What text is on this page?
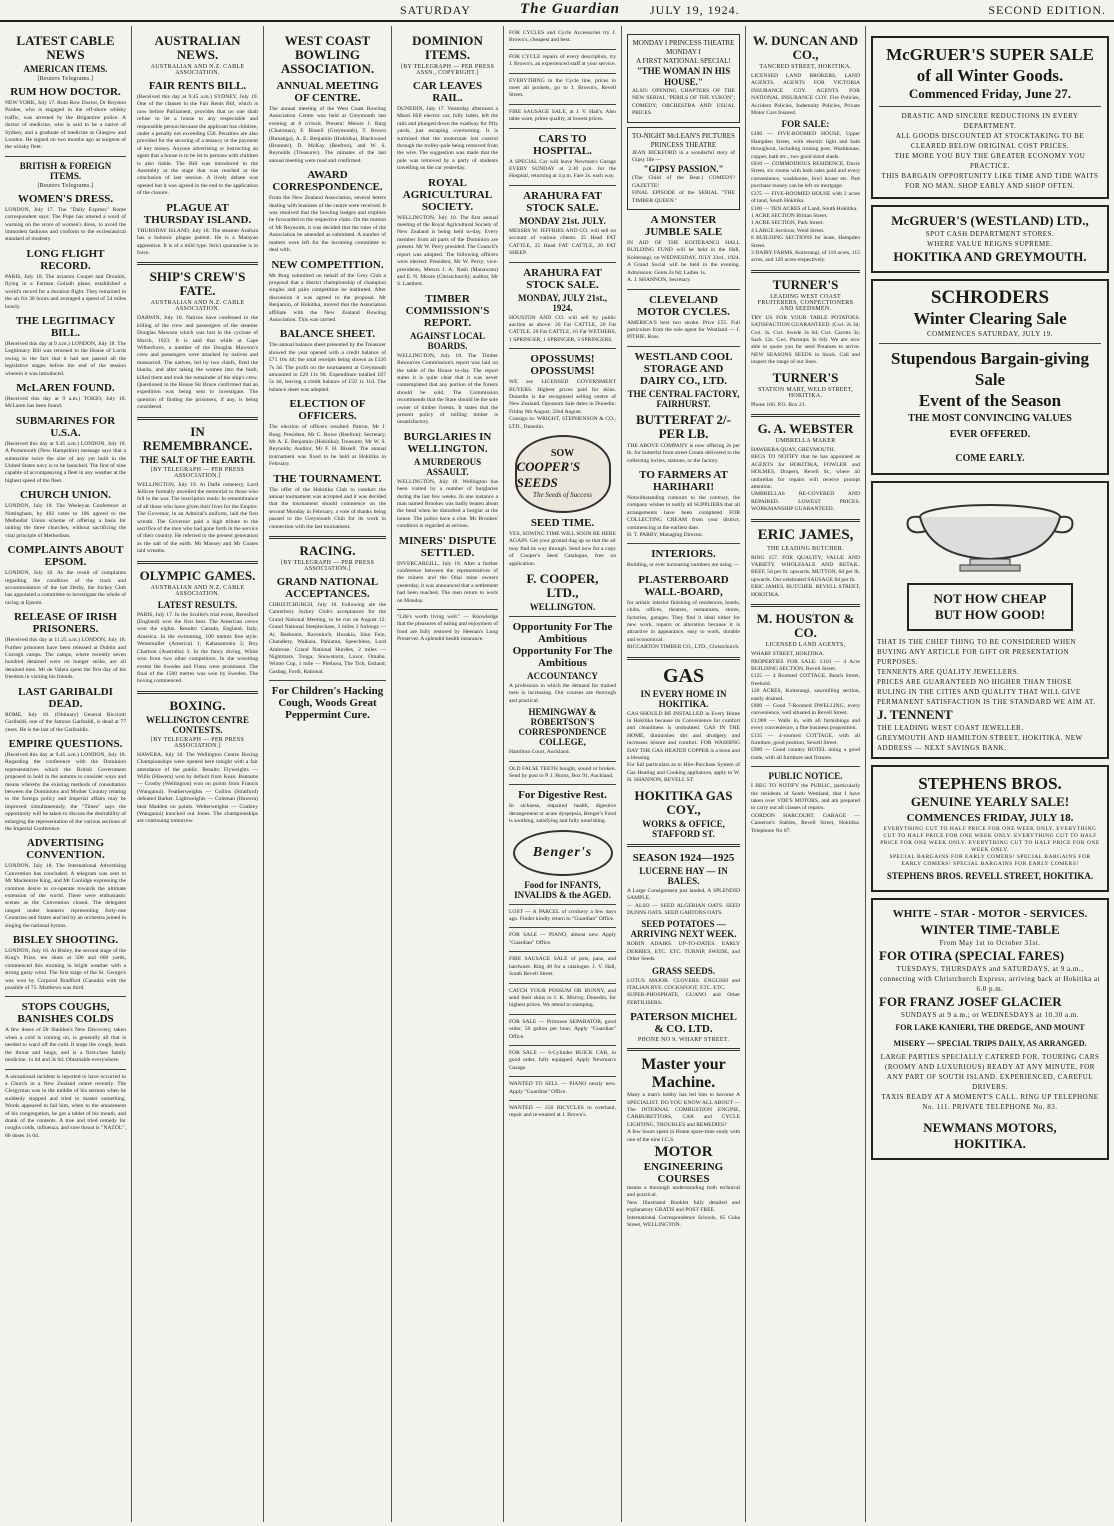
SATURDAY	The Guardian	JULY 19, 1924.	SECOND EDITION.
LATEST CABLE NEWS
AMERICAN ITEMS.
[Reuters Telegrams.]
RUM HOW DOCTOR.
NEW YORK, July 17. Rum Row Doctor, Dr Royston Pardee, who is engaged in the off-shore whisky traffic, was arrested by the Brigantine police. A doctor of medicine, who is said to be a native of Sydney, and a graduate of medicine at Glasgow and London. He signed on two months ago as surgeon of the whisky fleet.
BRITISH & FOREIGN ITEMS.
[Reuters Telegrams.]
WOMEN'S DRESS.
LONDON, July 17. The "Daily Express" Rome correspondent says: The Pope has uttered a word of warning on the score of women's dress, to avoid the immodest fashions and conform to the ecclesiastical standard of modesty.
LONG FLIGHT RECORD.
PARIS, July 18. The aviators Coupet and Drouhin, flying in a Farman Goliath plane, established a world's record for a duration flight. They remained in the air for 36 hours and averaged a speed of 54 miles hourly.
THE LEGITIMACY BILL.
(Received this day at 9 a.m.) LONDON, July 18. The Legitimacy Bill was returned to the House of Lords owing to the fact that it had not passed all the legislative stages before the end of the session wherein it was introduced.
McLAREN FOUND.
(Received this day at 9 a.m.) TOKIO, July 18. McLaren has been found.
SUBMARINES FOR U.S.A.
(Received this day at 9.45 a.m.) LONDON, July 18. A Portsmouth (New Hampshire) message says that a submarine twice the size of any yet built in the United States navy is to be launched. The first of nine capable of accompanying a fleet in any weather at the highest speed of the fleet.
CHURCH UNION.
LONDON, July 18. The Wesleyan Conference at Nottingham, by 402 votes to 186 agreed to the Methodist Union scheme of offering a basis for uniting the three churches, without sacrificing the vital principle of Methodism.
COMPLAINTS ABOUT EPSOM.
LONDON, July 18. As the result of complaints regarding the condition of the track and accommodation of the last Derby, the Jockey Club has appointed a committee to investigate the whole of racing at Epsom.
RELEASE OF IRISH PRISONERS.
(Received this day at 11.25 a.m.) LONDON, July 18. Further prisoners have been released at Dublin and Curragh camps. The camps, where recently seven hundred detained were on hunger strike, are all detained men. Mr de Valera spent the first day of his freedom in visiting his friends.
LAST GARIBALDI DEAD.
ROME, July 18. (Obituary) General Ricciotti Garibaldi, one of the famous Garibaldi, is dead at 77 years. He is the last of the Garibaldis.
EMPIRE QUESTIONS.
(Received this day at 9.45 a.m.) LONDON, July 18. Regarding the conference with the Dominion representatives which the British Government proposed to hold in the autumn to consider ways and means whereby the existing methods of consultation between the Dominions and Mother Country relating to the foreign policy and Imperial affairs may be improved simultaneously, the "Times" says the opportunity will be taken to discuss the desirability of enlarging the representation of the various sections of the Imperial Conference.
ADVERTISING CONVENTION.
LONDON, July 18. The International Advertising Convention has concluded. A telegram was sent to Mr Mackenzie King, and Mr Coolidge expressing the common desire to co-operate towards the ultimate extension of the world. There were enthusiastic scenes as the Convention closed. The delegates ranged under banners representing forty-one Countries and States and led by an orchestra joined in singing the national hymns.
BISLEY SHOOTING.
LONDON, July 18. At Bisley, the second stage of the King's Prize, ten shots at 500 and 600 yards, commenced this morning in bright weather with a strong gusty wind. The first stage of the St. George's was won by Corporal Bradford (Canada) with the possible of 75. Matthews was third.
STOPS COUGHS, BANISHES COLDS
A few doses of Dr Sheldon's New Discovery, taken when a cold is coming on, is generally all that is needed to ward off the cold. It stops the cough, heals the throat and lungs, and is a first-class family medicine. 1s 6d and 3s 6d. Obtainable everywhere.
A sensational incident is reported to have occurred in a Church in a New Zealand centre recently. The Clergyman was in the middle of his sermon when he suddenly stopped and tried to master something. Words appeared to fail him, when to the amazement of his congregation, he got a tablet of his mouth, and drank of the contents. A true and tried remedy for coughs colds, influenza, and sore throat is "NAZOL", 60 doses 1s 6d.
AUSTRALIAN NEWS.
AUSTRALIAN AND N.Z. CABLE ASSOCIATION.
FAIR RENTS BILL.
(Received this day at 9.45 a.m.) SYDNEY, July 19. One of the clauses in the Fair Rents Bill, which is now before Parliament, provides that no one shall refuse to let a house to any respectable and responsible person because the applicant has children, under a penalty not exceeding £50. Penalties are also provided for the securing of a tenancy or the payment of key money. Anyone advertising or instructing an agent that a house is to be let to persons with children is also liable. The Bill was introduced in the Assembly at the stage that was reached at the conclusion of last session. A lively debate was opened but it was agreed in the end to the application of the closure.
PLAGUE AT THURSDAY ISLAND.
THURSDAY ISLAND, July 18. The steamer Arafura has a bubonic plague patient. He is a Malayan apprentice. It is of a mild type. Strict quarantine is in force.
SHIP'S CREW'S FATE.
AUSTRALIAN AND N.Z. CABLE ASSOCIATION.
DARWIN, July 18. Natives have confessed to the killing of the crew and passengers of the steamer Douglas Mawson which was lost in the cyclone of March, 1923. It is said that while at Cape Wilberforce, a number of the Douglas Mawson's crew and passengers were attacked by natives and massacred. The natives, led by two chiefs, fired the blacks, and after taking the women into the bush, killed them and took the remainder of the ship's crew. Questioned in the House Sir Bruce confirmed that an expedition was being sent to investigate. The question of finding the prisoners, if any, is being considered.
IN REMEMBRANCE.
THE SALT OF THE EARTH.
[BY TELEGRAPH — PER PRESS ASSOCIATION.]
WELLINGTON, July 19. At Dalfe cemetery, Lord Jellicoe formally unveiled the memorial to those who fell in the war. The inscription reads: In remembrance of all those who have given their lives for the Empire. The Governor, in an Admiral's uniform, laid the first wreath. The Governor paid a high tribute to the sacrifice of the men who had gone forth in the service of their country. He referred to the present generation as the salt of the earth. Mr Massey and Mr Coates laid wreaths.
OLYMPIC GAMES.
AUSTRALIAN AND N.Z. CABLE ASSOCIATION.
LATEST RESULTS.
PARIS, July 17. In the Sculler's trial event, Beresford (England) won the first heat. The American crews won the eights. Results: Canada, England, Italy, America. In the swimming, 100 metres free style: Weissmuller (America) 1; Kahanamoku 2; Boy Charlton (Australia) 3. In the fancy diving, White won from two other competitors. In the wrestling events the Swedes and Finns were prominent. The final of the 1500 metres was won by Sweden. The boxing commenced.
BOXING.
WELLINGTON CENTRE CONTESTS.
[BY TELEGRAPH — PER PRESS ASSOCIATION.]
HAWERA, July 18. The Wellington Centre Boxing Championships were opened here tonight with a fair attendance of the public. Results: Flyweights — Willis (Hawera) won by default from Kean. Bantams — Crosby (Wellington) won on points from Francis (Wanganui). Featherweights — Collins (Stratford) defeated Barker. Lightweights — Coleman (Hawera) beat Madden on points. Welterweights — Coakley (Wanganui) knocked out Jones. The championships are continuing tomorrow.
WEST COAST BOWLING ASSOCIATION.
ANNUAL MEETING OF CENTRE.
The annual meeting of the West Coast Bowling Association Centre was held at Greymouth last evening at 8 o'clock. Present: Messrs J. Burg (Chairman), F. Bissell (Greymouth), T. Brown (Runanga), A. E. Benjamin (Hokitika), Blackwood (Brunner), D. McKay (Reefton), and W. S. Reynolds (Treasurer). The minutes of the last annual meeting were read and confirmed.
AWARD CORRESPONDENCE.
From the New Zealand Association, several letters dealing with business of the centre were received. It was resolved that the bowling badges and trophies be forwarded to the respective clubs. On the motion of Mr Reynolds, it was decided that the rules of the Association be amended as submitted. A number of matters were left for the incoming committee to deal with.
NEW COMPETITION.
Mr Burg submitted on behalf of the Grey Club a proposal that a district championship of champion singles and pairs competition be instituted. After discussion it was agreed to the proposal. Mr Benjamin, of Hokitika, moved that the Association affiliate with the New Zealand Bowling Association. This was carried.
BALANCE SHEET.
The annual balance sheet presented by the Treasurer showed the year opened with a credit balance of £71 16s 4d; the total receipts being shown as £126 7s 3d. The profit on the tournament at Greymouth amounted to £29 11s 9d. Expenditure totalled £67 5s 4d, leaving a credit balance of £59 1s 11d. The balance sheet was adopted.
ELECTION OF OFFICERS.
The election of officers resulted: Patron, Mr J. Burg; President, Mr C. Rowe (Reefton); Secretary, Mr A. E. Benjamin (Hokitika); Treasurer, Mr W. S. Reynolds; Auditor, Mr F. H. Bissell. The annual tournament was fixed to be held at Hokitika in February.
THE TOURNAMENT.
The offer of the Hokitika Club to conduct the annual tournament was accepted and it was decided that the tournament should commence on the second Monday in February, a vote of thanks being passed to the Greymouth Club for its work in connection with the last tournament.
RACING.
[BY TELEGRAPH — PER PRESS ASSOCIATION.]
GRAND NATIONAL ACCEPTANCES.
CHRISTCHURCH, July 18. Following are the Canterbury Jockey Club's acceptances for the Grand National Meeting, to be run on August 12: Grand National Steeplechase, 3 miles 3 furlongs — Ar, Beeboom, Ravenloch, Hurakia, Sinn Fein, Chandlery, Waikaia, Pahiatua, Speechless, Lord Ambrose. Grand National Hurdles, 2 miles — Nightmare, Tonga, Snowstorm, Luxor, Omahu. Winter Cup, 1 mile — Plethora, The Tick, Estland, Gasbag, Fordi, Rational.
For Children's Hacking Cough, Woods Great Peppermint Cure.
DOMINION ITEMS.
[BY TELEGRAPH — PER PRESS ASSN., COPYRIGHT.]
CAR LEAVES RAIL.
DUNEDIN, July 17. Yesterday afternoon a Maori Hill electric car, fully laden, left the rails and plunged down the roadway for fifty yards, just escaping overturning. It is surmised that the motorman lost control through the trolley-pole being removed from the wire. The suggestion was made that the pole was removed by a party of students travelling on the car yesterday.
ROYAL AGRICULTURAL SOCIETY.
WELLINGTON, July 18. The first annual meeting of the Royal Agricultural Society of New Zealand is being held to-day. Every member from all parts of the Dominion are present. Mr W. Perry presided. The Council's report was adopted. The following officers were elected: President, Mr W. Perry; vice-presidents, Messrs J. A. Nash (Manawatu) and E. N. Moore (Christchurch); auditor, Mr S. Lambert.
TIMBER COMMISSION'S REPORT.
AGAINST LOCAL BOARDS.
WELLINGTON, July 18. The Timber Resources Commission's report was laid on the table of the House to-day. The report states it is quite clear that it was never contemplated that any portion of the forests should be sold. The Commission recommends that the State should be the sole owner of timber forests. It states that the present policy of milling timber is unsatisfactory.
BURGLARIES IN WELLINGTON.
A MURDEROUS ASSAULT.
WELLINGTON, July 18. Wellington has been visited by a number of burglaries during the last few weeks. In one instance a man named Brookes was badly beaten about the head when he disturbed a burglar at the house. The police have a clue. Mr Brookes' condition is regarded as serious.
MINERS' DISPUTE SETTLED.
INVERCARGILL, July 18. After a further conference between the representatives of the miners and the Ohai mine owners yesterday, it was announced that a settlement had been reached. The men return to work on Monday.
"Life's worth living well." — Knowledge that the pleasures of eating and enjoyment of food are fully restored by Heenan's Lung Preserver. A splendid health insurance.
FOR CYCLES and Cycle Accessories try J. Brown's, cheapest and best.
FOR CYCLE repairs of every description, try J. Brown's, an experienced staff at your service.
EVERYTHING in the Cycle line, prices to meet all pockets, go to J. Brown's, Revell Street.
FIRE SAUSAGE SALE, at J. V. Hall's. Also table ware, prime quality, at lowest prices.
CARS TO HOSPITAL.
A SPECIAL Car will leave Newman's Garage EVERY SUNDAY at 2.30 p.m. for the Hospital, returning at 4 p.m. Fare 2s. each way.
ARAHURA FAT STOCK SALE.
MONDAY 21st. JULY.
MESSRS W. JEFFRIES AND CO. will sell on account of various clients: 25 Head FAT CATTLE, 25 Head FAT CATTLE, 20 FAT SHEEP.
ARAHURA FAT STOCK SALE.
MONDAY, JULY 21st., 1924.
HOUSTON AND CO. will sell by public auction as above: 20 Fat CATTLE, 20 Fat CATTLE, 20 Fat CATTLE, 10 Fat WETHERS, 1 SPRINGER, 1 SPRINGER, 3 SPRINGERS.
OPOSSUMS! OPOSSUMS!
WE are LICENSED GOVERNMENT BUYERS. Highest prices paid for skins. Dunedin is the recognised selling centre of New Zealand. Opossum Sale dates in Dunedin: Friday 8th August, 22nd August.
Consign to: WRIGHT, STEPHENSON & CO., LTD., Dunedin.
SOW
COOPER'S SEEDS
The Seeds of Success
SEED TIME.
YES, SOWING TIME WILL SOON BE HERE AGAIN. Get your ground dug up so that the air may find its way through. Send now for a copy of Cooper's Seed Catalogue, free on application.
F. COOPER, LTD.,
WELLINGTON.
Opportunity For The Ambitious Opportunity For The Ambitious
ACCOUNTANCY
A profession in which the demand for trained men is increasing. Our courses are thorough and practical.
HEMINGWAY & ROBERTSON'S CORRESPONDENCE COLLEGE,
Hamilton Court, Auckland.
OLD FALSE TEETH bought, sound or broken. Send by post to P. J. Burns, Box 91, Auckland.
For Digestive Rest.
In sickness, impaired health, digestive derangement or acute dyspepsia, Benger's Food is soothing, satisfying and fully nourishing.
Benger's
Food for INFANTS, INVALIDS & the AGED.
LOST — A PARCEL of crockery a few days ago. Finder kindly return to "Guardian" Office.
FOR SALE — PIANO, almost new. Apply "Guardian" Office.
FIRE SAUSAGE SALE of pots, pans, and hardware. Ring 48 for a catalogue. J. V. Hall, South Revell Street.
CATCH YOUR POSSUM OR BUNNY, and send their skins to J. K. Murray, Dunedin, for highest prices. We attend to stamping.
FOR SALE — Primrose SEPARATOR, good order, 50 gallon per hour. Apply "Guardian" Office.
FOR SALE — 6-Cylinder BUICK CAR, in good order, fully equipped. Apply Newman's Garage.
WANTED TO SELL — PIANO nearly new. Apply "Guardian" Office.
WANTED — 250 BICYCLES to overhaul, repair and re-enamel at J. Brown's.
MONDAY I PRINCESS THEATRE MONDAY I
A FIRST NATIONAL SPECIAL!
"THE WOMAN IN HIS HOUSE."
ALSO: OPENING CHAPTERS OF THE NEW SERIAL "PERILS OF THE YUKON"; COMEDY; ORCHESTRA AND USUAL PRICES.
TO-NIGHT McLEAN'S PICTURES PRINCESS THEATRE
JEAN BICKFORD in a wonderful story of Gipsy life —
"GIPSY PASSION."
(The Child of the Bear.) COMEDY! GAZETTE!
FINAL EPISODE of the SERIAL "THE TIMBER QUEEN."
A MONSTER JUMBLE SALE
IN AID OF THE KOITERANGI HALL BUILDING FUND will be held in the Hall, Koiterangi, on WEDNESDAY, JULY 23rd., 1924. A Grand Social will be held in the evening. Admission: Gents 2s 6d; Ladies 1s.
A. J. SHANNON, Secretary.
CLEVELAND MOTOR CYCLES.
AMERICA'S best two stroke. Price £55. Full particulars from the sole agent for Westland — J. PITHIE, Ross.
WESTLAND COOL STORAGE AND DAIRY CO., LTD.
THE CENTRAL FACTORY, FAIRHURST.
BUTTERFAT 2/- PER LB.
THE ABOVE COMPANY is now offering 2s per lb. for butterfat from street Cream delivered to the collecting lorries, stations, or the factory.
TO FARMERS AT HARIHARI!
Notwithstanding rumours to the contrary, the company wishes to notify all SUPPLIERS that all arrangements have been completed FOR COLLECTING CREAM from your district, commencing at the earliest date.
H. T. PARRY, Managing Director.
INTERIORS.
Building, or ever increasing numbers are using —
PLASTERBOARD WALL-BOARD,
for artistic interior finishing of residences, hotels, clubs, offices, theatres, restaurants, stores, factories, garages. They find it ideal either for new work, repairs or alteration because it is attractive in appearance, easy to work, durable and economical.
RICCARTON TIMBER CO., LTD., Christchurch.
GAS
IN EVERY HOME IN HOKITIKA.
GAS SHOULD BE INSTALLED in Every Home in Hokitika because its Convenience for comfort and cleanliness is undoubted. GAS IN THE HOME, diminishes dirt and drudgery and increases leisure and comfort. FOR WASHING DAY THE GAS HEATED COPPER is a boon and a blessing.
For full particulars as to Hire-Purchase System of Gas Heating and Cooking appliances, apply to W. H. SHANNON, REVELL ST.
HOKITIKA GAS COY.,
WORKS & OFFICE, STAFFORD ST.
SEASON 1924—1925
LUCERNE HAY — IN BALES.
A Large Consignment just landed, A SPLENDID SAMPLE.
— ALSO — SEED ALGERIAN OATS. SEED DUNNS OATS. SEED GARTONS OATS.
SEED POTATOES — ARRIVING NEXT WEEK.
ROBIN ADAIRS. UP-TO-DATES. EARLY DERBIES, ETC. ETC. TURNIP, SWEDE, and Other Seeds.
GRASS SEEDS.
LOTUS MAJOR. CLOVERS. ENGLISH and ITALIAN RYE. COCKSFOOT, ETC. ETC.
SUPER-PHOSPHATE, GUANO and Other FERTILISERS.
PATERSON MICHEL & CO. LTD.
PHONE NO 9. WHARF STREET.
Master your
Machine.
Many a man's hobby has led him to become A SPECIALIST. DO YOU KNOW ALL ABOUT — The INTERNAL COMBUSTION ENGINE, CARBURETTORS, CAR and CYCLE LIGHTING, TROUBLES and REMEDIES?
A few hours spent in Home spare-time study with one of the nine I.C.S.
MOTOR
ENGINEERING
COURSES
means a thorough understanding both technical and practical.
New Illustrated Booklet fully detailed and explanatory GRATIS and POST FREE.
International Correspondence Schools, 65 Cuba Street, WELLINGTON.
W. DUNCAN AND CO.,
TANCRED STREET, HOKITIKA.
LICENSED LAND BROKERS, LAND AGENTS. AGENTS FOR VICTORIA INSURANCE COY. AGENTS FOR NATIONAL INSURANCE COY. Fire Policies, Accident Policies, Indemnity Policies, Private Motor Cars Insured.
FOR SALE:
£400 — FIVE-ROOMED HOUSE, Upper Hampden Street, with electric light and bath throughout, including ironing post, Washhouse, copper, bath etc., two good sized sheds.
£810 — COMMODIOUS RESIDENCE, Davie Street, six rooms with both rates paid and every convenience, washhouse, fowl house etc. Part purchase money can be left on mortgage.
£375 — FIVE-ROOMED HOUSE with 2 acres of land, South Hokitika.
£100 — TEN ACRES of Land, South Hokitika.
1 ACRE SECTION Brittan Street.
1 ACRE SECTION, Park Street.
4 LARGE Sections, Weld Street.
8 BUILDING SECTIONS for lease, Hampden Street.
3 DAIRY FARMS, Koiterangi, of 110 acres, 115 acres, and 120 acres respectively.
TURNER'S
LEADING WEST COAST FRUITERERS, CONFECTIONERS AND SEEDSMEN.
TRY US FOR YOUR TABLE POTATOES. SATISFACTION GUARANTEED. (Cwt. 2s 3d; Cwt. 3s. Cwt. Swede 2s 6d; Cwt. Carrots 3s; Sack 12s. Cwt. Parsnips 3s 6d). We are now able to quote you for seed Potatoes to arrive. NEW SEASONS SEEDS in Stock. Call and inspect the range of our lines.
TURNER'S
STATION MART, WELD STREET, HOKITIKA.
Phone 166. P.O. Box 21.
G. A. WEBSTER
UMBRELLA MAKER
HAWHERA QUAY, GREYMOUTH.
BEGS TO NOTIFY that he has appointed as AGENTS for HOKITIKA, FOWLER and HOLMES, Drapers, Revell St., where all umbrellas for repairs will receive prompt attention.
UMBRELLAS RE-COVERED AND REPAIRED. LOWEST PRICES. WORKMANSHIP GUARANTEED.
ERIC JAMES,
THE LEADING BUTCHER.
RING 157. FOR QUALITY, VALUE AND VARIETY. WHOLESALE AND RETAIL. BEEF, 5d per lb. upwards. MUTTON, 6d per lb. upwards. Our celebrated SAUSAGE 8d per lb.
ERIC JAMES, BUTCHER. REVELL STREET, HOKITIKA.
M. HOUSTON & CO.
LICENSED LAND AGENTS,
WHARF STREET, HOKITIKA.
PROPERTIES FOR SALE: £110 — 4 Acre BUILDING SECTION, Revell Street.
£125 — 4 Roomed COTTAGE, Beach Street, freehold.
120 ACRES, Koiterangi, sawmilling section, easily drained.
£800 — Good 7-Roomed DWELLING, every convenience, well situated in Revell Street.
£1,900 — Walls in, with all furnishings and every convenience, a fine business proposition.
£135 — 4-roomed COTTAGE, with all furniture, good position, Sewell Street.
£900 — Good country HOTEL doing a good trade, with all furniture and fixtures.
PUBLIC NOTICE.
I BEG TO NOTIFY the PUBLIC, particularly the residents of South Westland, that I have taken over VDE'S MOTORS, and am prepared to carry out all classes of repairs.
GORDON HARCOURT, GARAGE — Cameron's Stables, Revell Street, Hokitika. Telephone No 87.
McGRUER'S SUPER SALE
of all Winter Goods.
Commenced Friday, June 27.
DRASTIC AND SINCERE REDUCTIONS IN EVERY DEPARTMENT.
ALL GOODS DISCOUNTED AT STOCKTAKING TO BE CLEARED BELOW ORIGINAL COST PRICES.
THE MORE YOU BUY THE GREATER ECONOMY YOU PRACTICE.
THIS BARGAIN OPPORTUNITY LIKE TIME AND TIDE WAITS FOR NO MAN. SHOP EARLY AND SHOP OFTEN.
McGRUER'S (WESTLAND) LTD.,
SPOT CASH DEPARTMENT STORES.
WHERE VALUE REIGNS SUPREME.
HOKITIKA AND GREYMOUTH.
SCHRODERS
Winter Clearing Sale
COMMENCES SATURDAY, JULY 19.
Stupendous Bargain-giving Sale
Event of the Season
THE MOST CONVINCING VALUES
EVER OFFERED.
COME EARLY.
NOT HOW CHEAP
BUT HOW GOOD!
THAT IS THE CHIEF THING TO BE CONSIDERED WHEN BUYING ANY ARTICLE FOR GIFT OR PRESENTATION PURPOSES.
TENNENTS ARE QUALITY JEWELLERS.
PRICES ARE GUARANTEED NO HIGHER THAN THOSE RULING IN THE CITIES AND QUALITY THAT WILL GIVE PERMANENT SATISFACTION IS THE STANDARD WE AIM AT.
J. TENNENT
THE LEADING WEST COAST JEWELLER.
GREYMOUTH AND HAMILTON STREET, HOKITIKA. NEW ADDRESS — NEXT SAVINGS BANK.
STEPHENS BROS.
GENUINE YEARLY SALE!
COMMENCES FRIDAY, JULY 18.
EVERYTHING CUT TO HALF PRICE FOR ONE WEEK ONLY. EVERYTHING CUT TO HALF PRICE FOR ONE WEEK ONLY. EVERYTHING CUT TO HALF PRICE FOR ONE WEEK ONLY. EVERYTHING CUT TO HALF PRICE FOR ONE WEEK ONLY.
SPECIAL BARGAINS FOR EARLY COMERS! SPECIAL BARGAINS FOR EARLY COMERS! SPECIAL BARGAINS FOR EARLY COMERS!
STEPHENS BROS. REVELL STREET, HOKITIKA.
WHITE - STAR - MOTOR - SERVICES.
WINTER TIME-TABLE
From May 1st to October 31st.
FOR OTIRA (SPECIAL FARES)
TUESDAYS, THURSDAYS and SATURDAYS, at 9 a.m., connecting with Christchurch Express, arriving back at Hokitika at 6.0 p.m.
FOR FRANZ JOSEF GLACIER
SUNDAYS at 9 a.m.; or WEDNESDAYS at 10.30 a.m.
FOR LAKE KANIERI, THE DREDGE, AND MOUNT MISERY — SPECIAL TRIPS DAILY, AS ARRANGED.
LARGE PARTIES SPECIALLY CATERED FOR. TOURING CARS (ROOMY AND LUXURIOUS) READY AT ANY MINUTE, FOR ANY PART OF SOUTH ISLAND. EXPERIENCED, CAREFUL DRIVERS.
TAXIS READY AT A MOMENT'S CALL. RING UP TELEPHONE No. 111. PRIVATE TELEPHONE No. 83.
NEWMANS MOTORS,
HOKITIKA.
